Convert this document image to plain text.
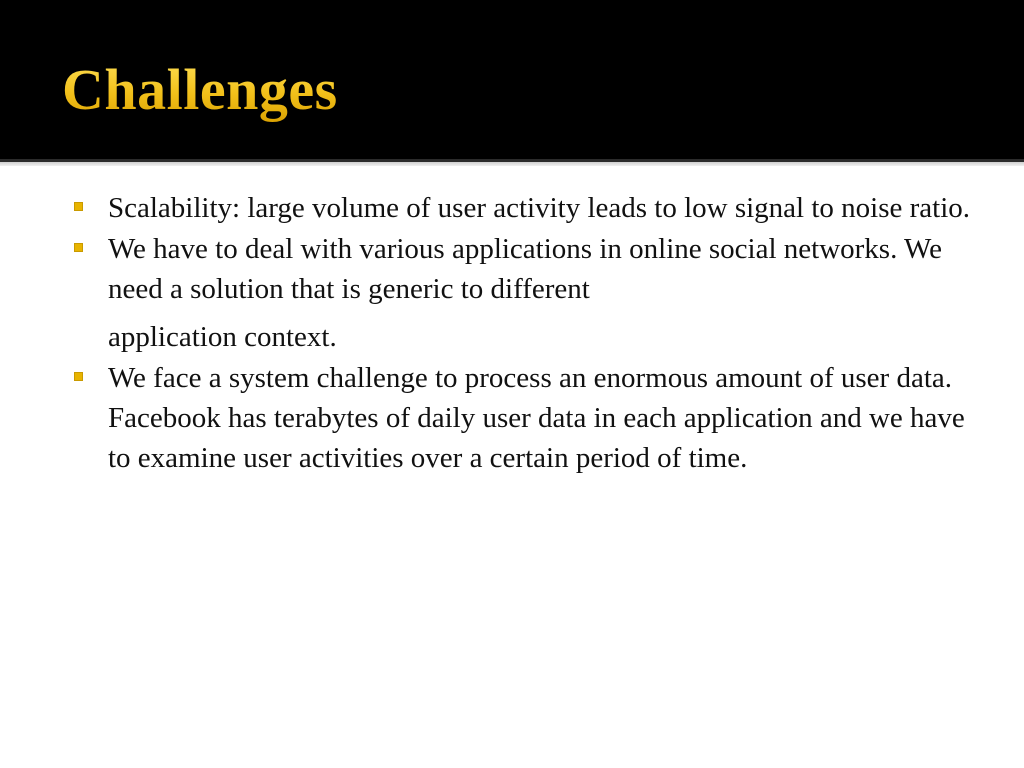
Challenges
Scalability: large volume of user activity leads to low signal to noise ratio.
We have to deal with various applications in online social networks. We need a solution that is generic to different
application context.
We face a system challenge to process an enormous amount of user data. Facebook has terabytes of daily user data in each application and we have to examine user activities over a certain period of time.
